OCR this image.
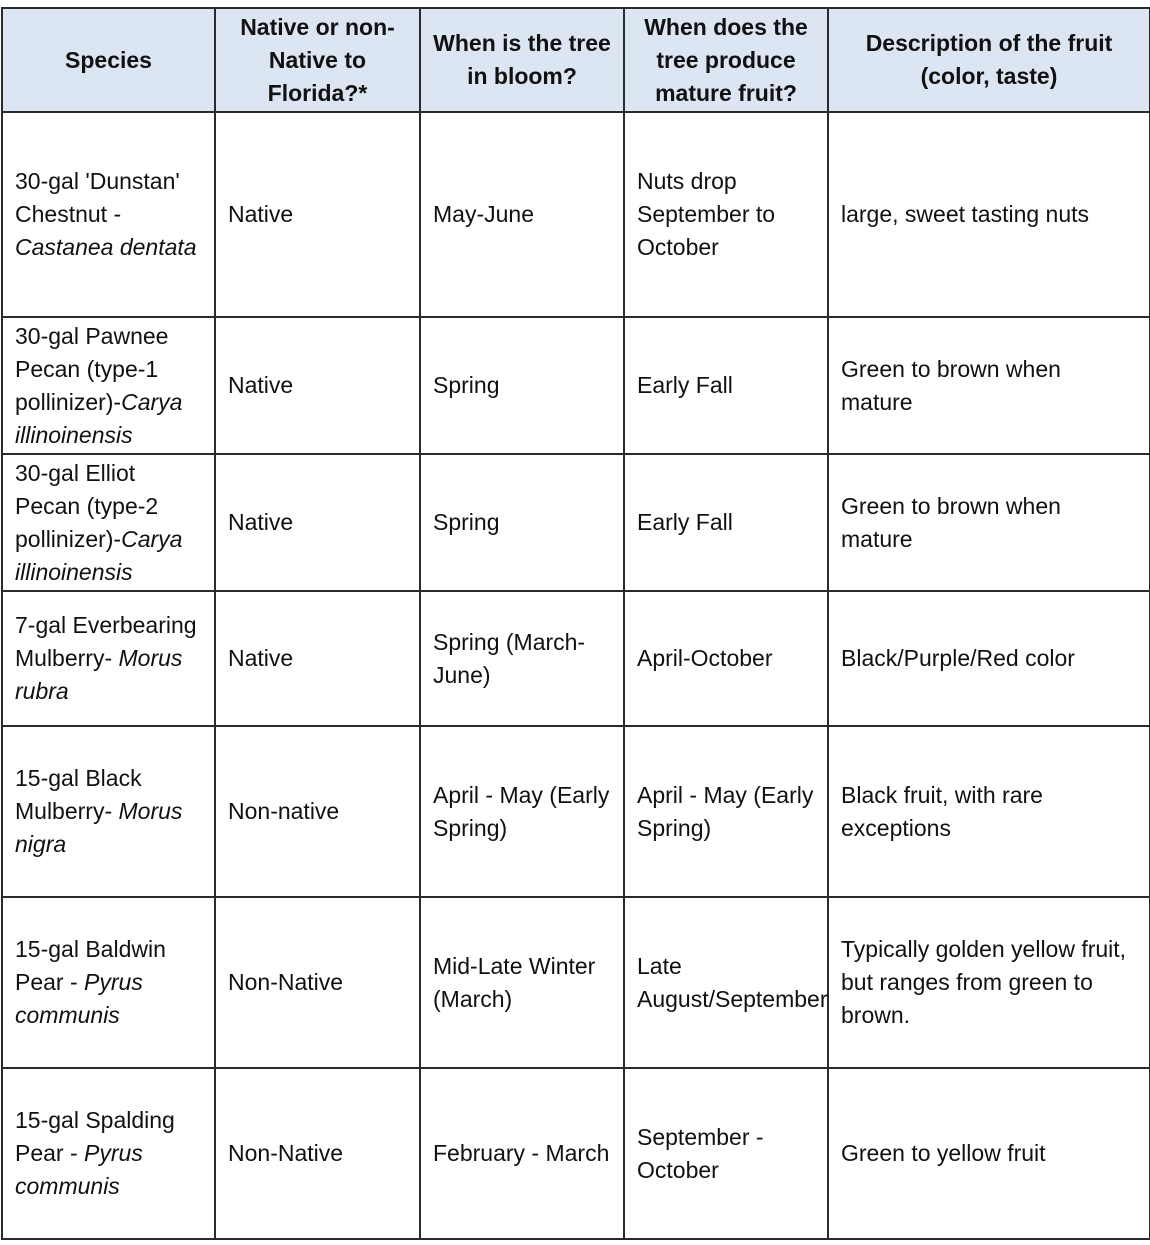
Species	Native or non-Native to Florida?*	When is the tree in bloom?	When does the tree produce mature fruit?	Description of the fruit (color, taste)
30-gal 'Dunstan' Chestnut - Castanea dentata	Native	May-June	Nuts drop September to October	large, sweet tasting nuts
30-gal Pawnee Pecan (type-1 pollinizer)-Carya illinoinensis	Native	Spring	Early Fall	Green to brown when mature
30-gal Elliot Pecan (type-2 pollinizer)-Carya illinoinensis	Native	Spring	Early Fall	Green to brown when mature
7-gal Everbearing Mulberry- Morus rubra	Native	Spring (March-June)	April-October	Black/Purple/Red color
15-gal Black Mulberry- Morus nigra	Non-native	April - May (Early Spring)	April - May (Early Spring)	Black fruit, with rare exceptions
15-gal Baldwin Pear - Pyrus communis	Non-Native	Mid-Late Winter (March)	Late August/September	Typically golden yellow fruit, but ranges from green to brown.
15-gal Spalding Pear - Pyrus communis	Non-Native	February - March	September - October	Green to yellow fruit
